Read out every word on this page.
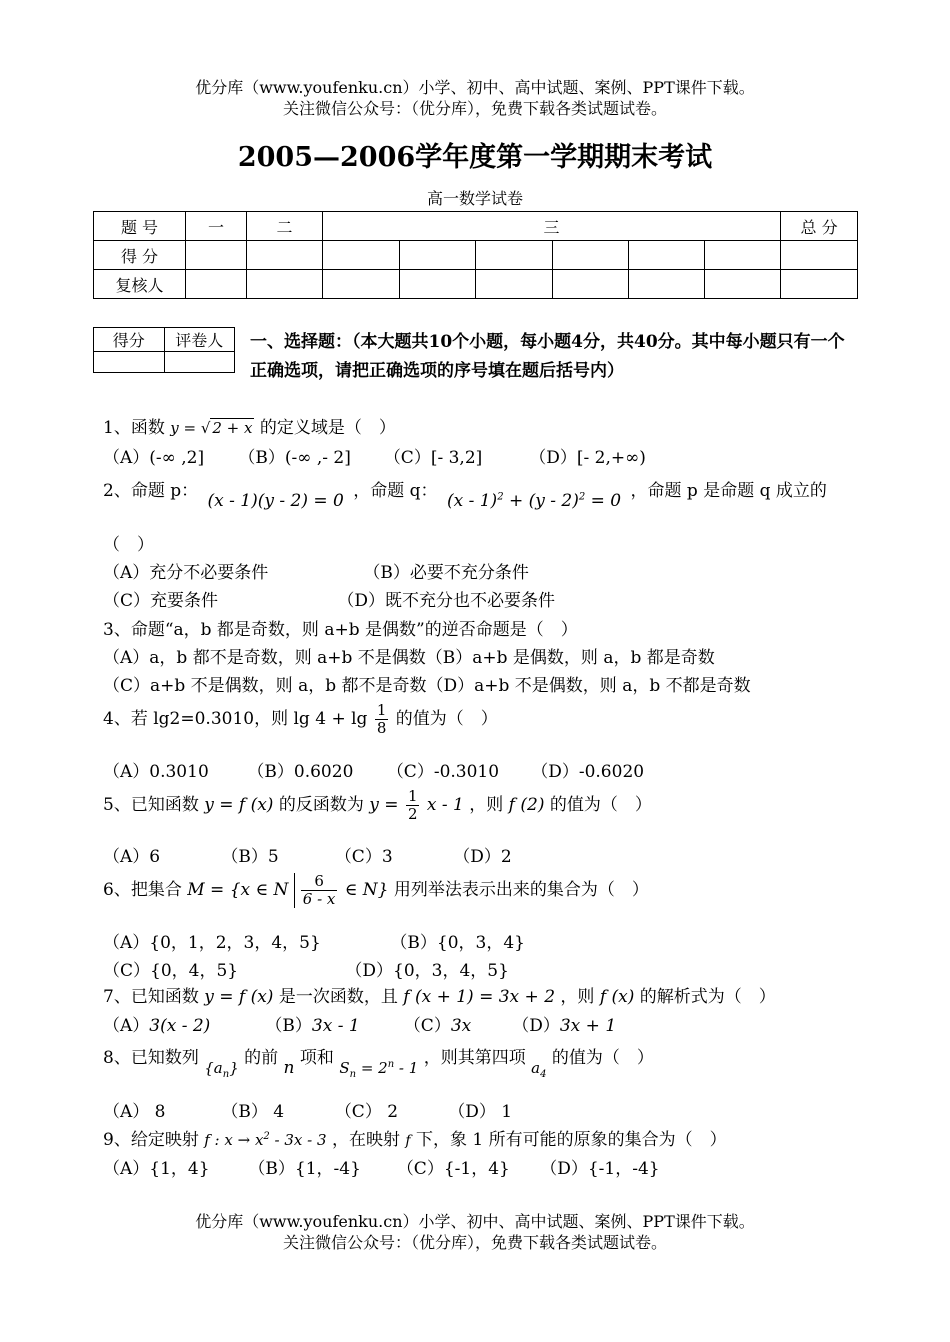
优分库（www.youfenku.cn）小学、初中、高中试题、案例、PPT课件下载。
关注微信公众号：（优分库），免费下载各类试题试卷。
2005—2006学年度第一学期期末考试
高一数学试卷
题 号	一	二	三						总 分
得 分									
复核人									
得分	评卷人
	一、选择题：（本大题共10个小题，每小题4分，共40分。其中每小题只有一个正确选项，请把正确选项的序号填在题后括号内）
1、函数 y = √ 2 + x 的定义域是（　）
（A）(-∞ ,2] （B）(-∞ ,- 2] （C）[- 3,2]	（D）[- 2,+∞)
2、命题 p： (x - 1)(y - 2) = 0 ，命题 q： (x - 1)$^2$ + (y - 2)$^2$ = 0 ，命题 p 是命题 q 成立的
（　）
（A）充分不必要条件	（B）必要不充分条件
（C）充要条件	（D）既不充分也不必要条件
3、命题“a，b 都是奇数，则 a+b 是偶数”的逆否命题是（　）
（A）a，b 都不是奇数，则 a+b 不是偶数（B）a+b 是偶数，则 a，b 都是奇数
（C）a+b 不是偶数，则 a，b 都不是奇数（D）a+b 不是偶数，则 a，b 不都是奇数
4、若 lg2=0.3010，则 $\lg 4 + \lg \frac{1}{8}$ 的值为（　）
（A）0.3010 （B）0.6020 （C）-0.3010 （D）-0.6020
5、已知函数 y = f (x) 的反函数为 $y = \frac{1}{2}$ x - 1 ，则 f (2) 的值为（　）
（A）6	（B）5	（C）3	（D）2
6、把集合 M = {x ∈ N $\frac{6}{6 - x}$ ∈ N} 用列举法表示出来的集合为（　）
（A）{0，1，2，3，4，5}	（B）{0，3，4}
（C）{0，4，5}	（D）{0，3，4，5}
7、已知函数 y = f (x) 是一次函数，且 f (x + 1) = 3x + 2 ，则 f (x) 的解析式为（　）
（A）3(x - 2)	（B）3x - 1	（C）3x （D）3x + 1
8、已知数列 $\{a_n\}$ 的前 n 项和 $S_n = 2^n - 1$ ，则其第四项 $a_4$ 的值为（　）
（A） 8	（B） 4	（C） 2	（D） 1
9、给定映射 f : $x \to x^2 - 3x - 3$ ，在映射 f 下，象 1 所有可能的原象的集合为（　）
（A）{1，4} （B）{1，-4} （C）{-1，4} （D）{-1，-4}
优分库（www.youfenku.cn）小学、初中、高中试题、案例、PPT课件下载。
关注微信公众号：（优分库），免费下载各类试题试卷。
